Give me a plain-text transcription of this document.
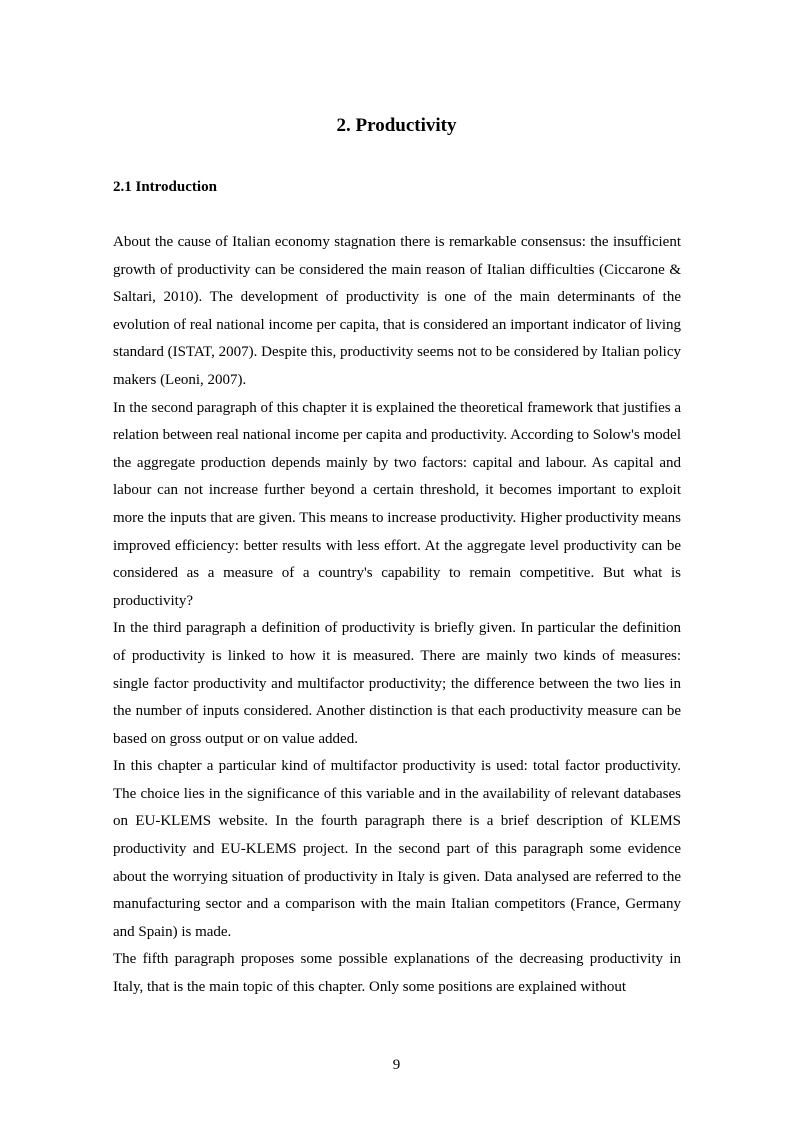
2. Productivity
2.1 Introduction

About the cause of Italian economy stagnation there is remarkable consensus: the insufficient growth of productivity can be considered the main reason of Italian difficulties (Ciccarone & Saltari, 2010). The development of productivity is one of the main determinants of the evolution of real national income per capita, that is considered an important indicator of living standard (ISTAT, 2007). Despite this, productivity seems not to be considered by Italian policy makers (Leoni, 2007).

In the second paragraph of this chapter it is explained the theoretical framework that justifies a relation between real national income per capita and productivity. According to Solow's model the aggregate production depends mainly by two factors: capital and labour. As capital and labour can not increase further beyond a certain threshold, it becomes important to exploit more the inputs that are given. This means to increase productivity. Higher productivity means improved efficiency: better results with less effort. At the aggregate level productivity can be considered as a measure of a country's capability to remain competitive. But what is productivity?

In the third paragraph a definition of productivity is briefly given. In particular the definition of productivity is linked to how it is measured. There are mainly two kinds of measures: single factor productivity and multifactor productivity; the difference between the two lies in the number of inputs considered. Another distinction is that each productivity measure can be based on gross output or on value added.

In this chapter a particular kind of multifactor productivity is used: total factor productivity. The choice lies in the significance of this variable and in the availability of relevant databases on EU-KLEMS website. In the fourth paragraph there is a brief description of KLEMS productivity and EU-KLEMS project. In the second part of this paragraph some evidence about the worrying situation of productivity in Italy is given. Data analysed are referred to the manufacturing sector and a comparison with the main Italian competitors (France, Germany and Spain) is made.

The fifth paragraph proposes some possible explanations of the decreasing productivity in Italy, that is the main topic of this chapter. Only some positions are explained without

9
